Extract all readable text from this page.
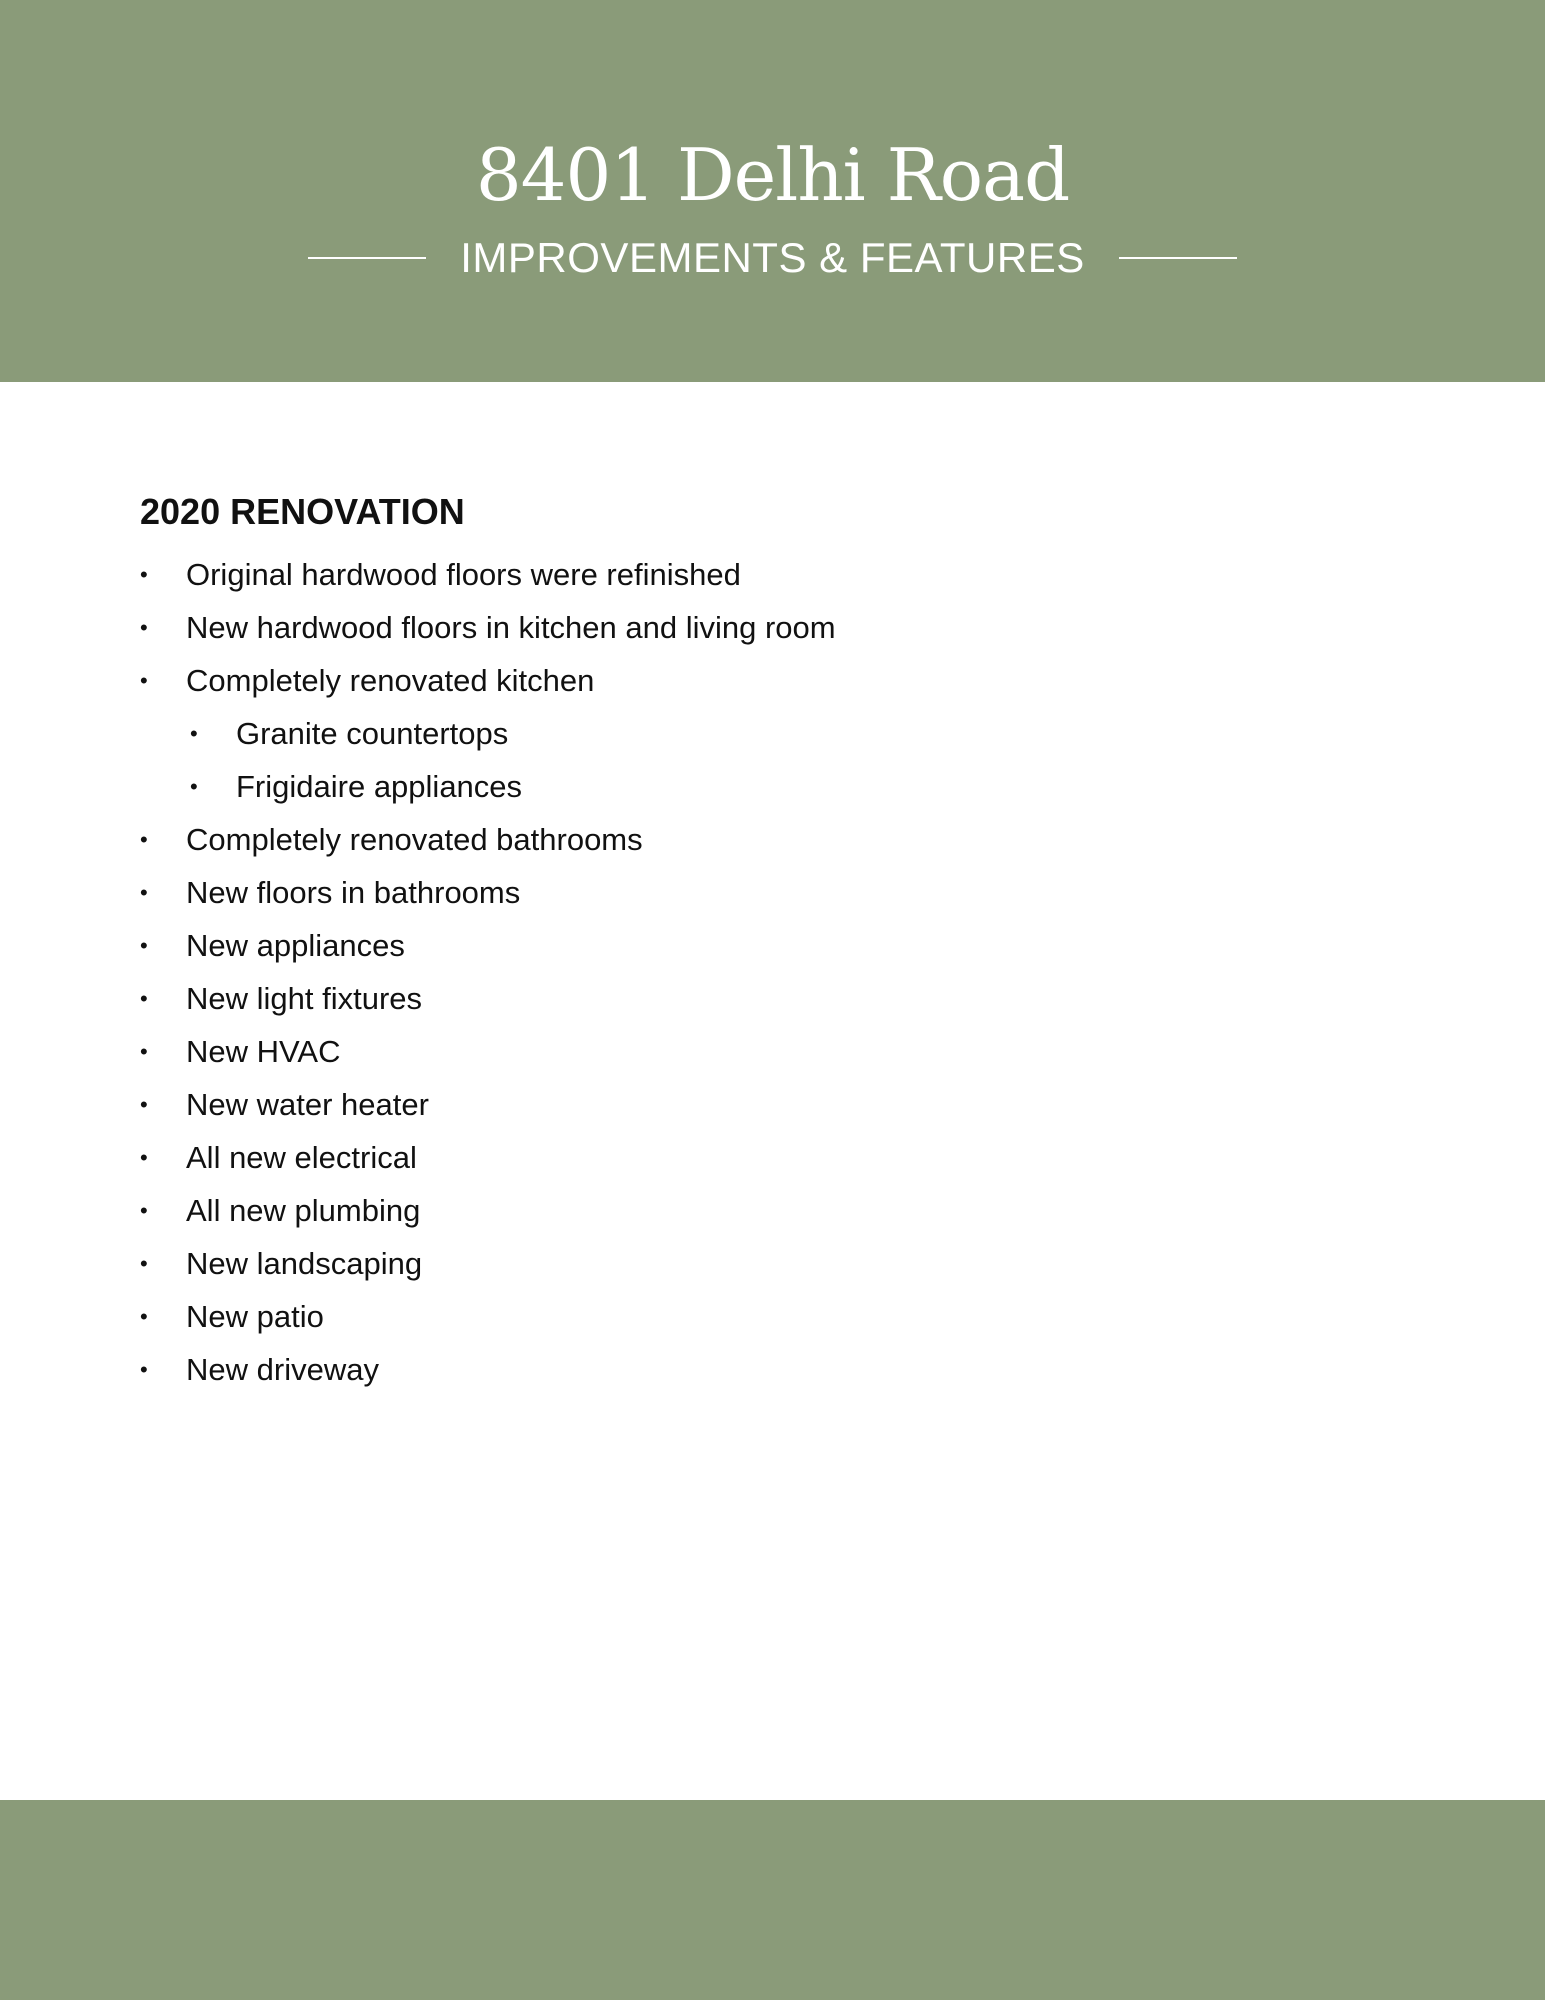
8401 Delhi Road
IMPROVEMENTS & FEATURES
2020 RENOVATION
• Original hardwood floors were refinished
• New hardwood floors in kitchen and living room
• Completely renovated kitchen
• Granite countertops
• Frigidaire appliances
• Completely renovated bathrooms
• New floors in bathrooms
• New appliances
• New light fixtures
• New HVAC
• New water heater
• All new electrical
• All new plumbing
• New landscaping
• New patio
• New driveway
